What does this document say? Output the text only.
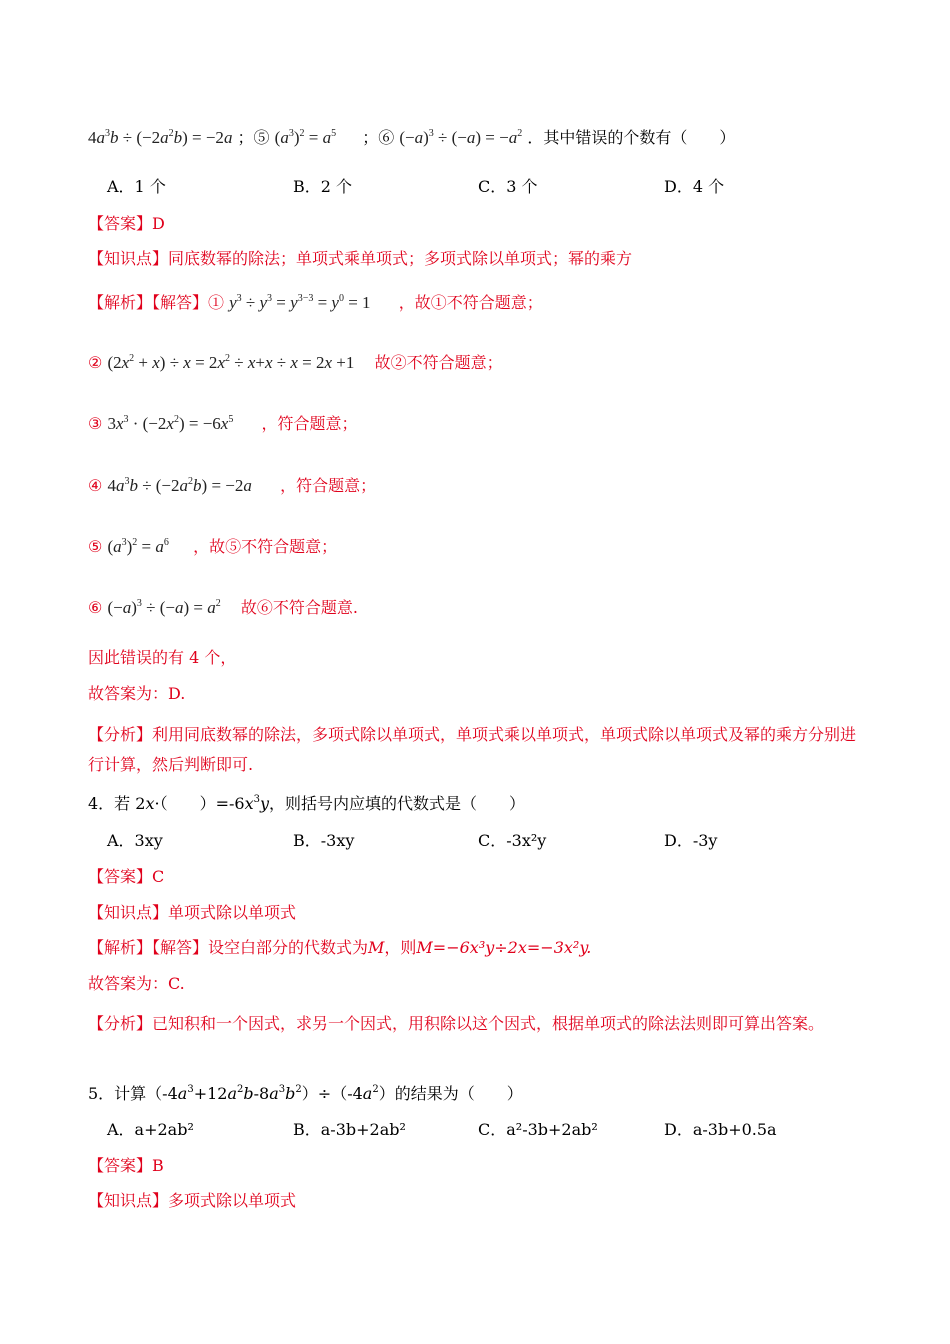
$4a^3b \div (-2a^2b) = -2a$ ；⑤ $(a^3)^2 = a^5$ ；⑥ $(-a)^3 \div (-a) = -a^2$ ．其中错误的个数有（　　）
A．1 个	B．2 个	C．3 个	D．4 个
【答案】D
【知识点】同底数幂的除法；单项式乘单项式；多项式除以单项式；幂的乘方
【解析】【解答】① $y^3 \div y^3 = y^{3-3} = y^0 = 1$ ，故①不符合题意；
② $(2x^2 + x) \div x = 2x^2 \div x+x \div x = 2x +1$ 故②不符合题意；
③ $3x^3 \cdot (-2x^2) = -6x^5$ ，符合题意；
④ $4a^3b \div (-2a^2b) = -2a$ ，符合题意；
⑤ $(a^3)^2 = a^6$ ，故⑤不符合题意；
⑥ $(-a)^3 \div (-a) = a^2$ 故⑥不符合题意.
因此错误的有 4 个，
故答案为：D.
【分析】利用同底数幂的除法，多项式除以单项式，单项式乘以单项式，单项式除以单项式及幂的乘方分别进行计算，然后判断即可.
4．若 2x·（　　）$=-6x^3y$，则括号内应填的代数式是（　　）
A．3xy	B．-3xy	C．-3x²y	D．-3y
【答案】C
【知识点】单项式除以单项式
【解析】【解答】设空白部分的代数式为M，则M=−6x³y÷2x=−3x²y.
故答案为：C.
【分析】已知积和一个因式，求另一个因式，用积除以这个因式，根据单项式的除法法则即可算出答案。
5．计算$(-4a^3+12a^2b-8a^3b^2)\div(-4a^2)$的结果为（　　）
A．a+2ab²	B．a-3b+2ab²	C．a²-3b+2ab²	D．a-3b+0.5a
【答案】B
【知识点】多项式除以单项式
